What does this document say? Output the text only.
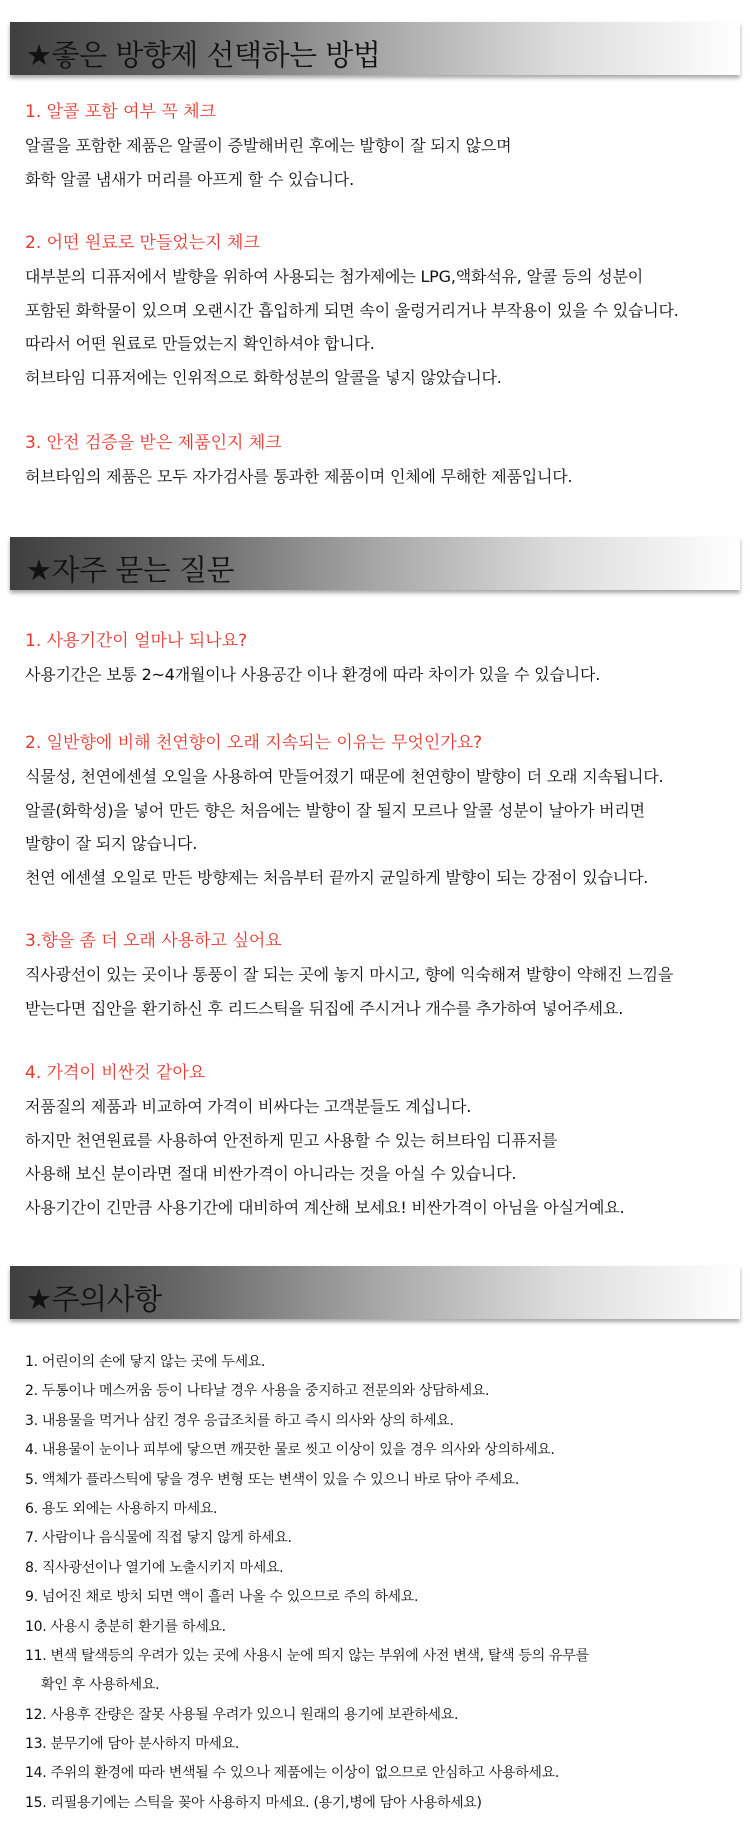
★좋은 방향제 선택하는 방법
1. 알콜 포함 여부 꼭 체크
알콜을 포함한 제품은 알콜이 증발해버린 후에는 발향이 잘 되지 않으며
화학 알콜 냄새가 머리를 아프게 할 수 있습니다.
2. 어떤 원료로 만들었는지 체크
대부분의 디퓨저에서 발향을 위하여 사용되는 첨가제에는 LPG,액화석유, 알콜 등의 성분이
포함된 화학물이 있으며 오랜시간 흡입하게 되면 속이 울렁거리거나 부작용이 있을 수 있습니다.
따라서 어떤 원료로 만들었는지 확인하셔야 합니다.
허브타임 디퓨저에는 인위적으로 화학성분의 알콜을 넣지 않았습니다.
3. 안전 검증을 받은 제품인지 체크
허브타임의 제품은 모두 자가검사를 통과한 제품이며 인체에 무해한 제품입니다.
★자주 묻는 질문
1. 사용기간이 얼마나 되나요?
사용기간은 보통 2~4개월이나 사용공간 이나 환경에 따라 차이가 있을 수 있습니다.
2. 일반향에 비해 천연향이 오래 지속되는 이유는 무엇인가요?
식물성, 천연에센셜 오일을 사용하여 만들어졌기 때문에 천연향이 발향이 더 오래 지속됩니다.
알콜(화학성)을 넣어 만든 향은 처음에는 발향이 잘 될지 모르나 알콜 성분이 날아가 버리면
발향이 잘 되지 않습니다.
천연 에센셜 오일로 만든 방향제는 처음부터 끝까지 균일하게 발향이 되는 강점이 있습니다.
3.향을 좀 더 오래 사용하고 싶어요
직사광선이 있는 곳이나 통풍이 잘 되는 곳에 놓지 마시고, 향에 익숙해져 발향이 약해진 느낌을
받는다면 집안을 환기하신 후 리드스틱을 뒤집에 주시거나 개수를 추가하여 넣어주세요.
4. 가격이 비싼것 같아요
저품질의 제품과 비교하여 가격이 비싸다는 고객분들도 계십니다.
하지만 천연원료를 사용하여 안전하게 믿고 사용할 수 있는 허브타임 디퓨저를
사용해 보신 분이라면 절대 비싼가격이 아니라는 것을 아실 수 있습니다.
사용기간이 긴만큼 사용기간에 대비하여 계산해 보세요! 비싼가격이 아님을 아실거예요.
★주의사항
1. 어린이의 손에 닿지 않는 곳에 두세요.
2. 두통이나 메스꺼움 등이 나타날 경우 사용을 중지하고 전문의와 상담하세요.
3. 내용물을 먹거나 삼킨 경우 응급조치를 하고 즉시 의사와 상의 하세요.
4. 내용물이 눈이나 피부에 닿으면 깨끗한 물로 씻고 이상이 있을 경우 의사와 상의하세요.
5. 액체가 플라스틱에 닿을 경우 변형 또는 변색이 있을 수 있으니 바로 닦아 주세요.
6. 용도 외에는 사용하지 마세요.
7. 사람이나 음식물에 직접 닿지 않게 하세요.
8. 직사광선이나 열기에 노출시키지 마세요.
9. 넘어진 채로 방치 되면 액이 흘러 나올 수 있으므로 주의 하세요.
10. 사용시 충분히 환기를 하세요.
11. 변색 탈색등의 우려가 있는 곳에 사용시 눈에 띄지 않는 부위에 사전 변색, 탈색 등의 유무를
확인 후 사용하세요.
12. 사용후 잔량은 잘못 사용될 우려가 있으니 원래의 용기에 보관하세요.
13. 분무기에 담아 분사하지 마세요.
14. 주위의 환경에 따라 변색될 수 있으나 제품에는 이상이 없으므로 안심하고 사용하세요.
15. 리필용기에는 스틱을 꽂아 사용하지 마세요. (용기,병에 담아 사용하세요)
